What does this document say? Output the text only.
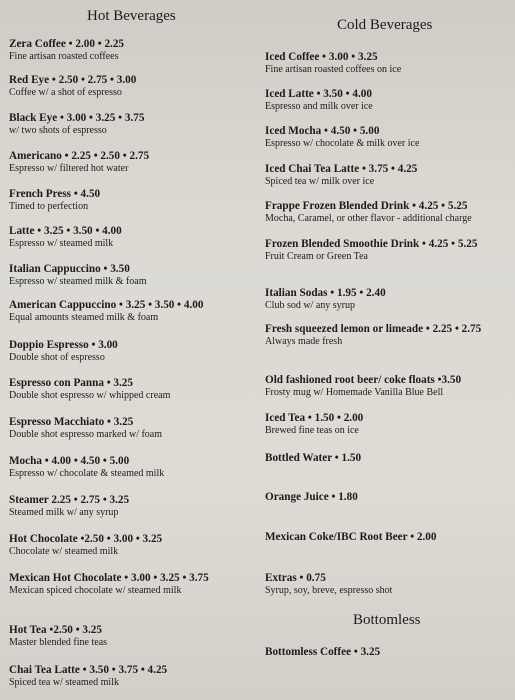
Hot Beverages

Zera Coffee • 2.00 • 2.25

Fine artisan roasted coffees

Red Eye • 2.50 • 2.75 • 3.00

Coffee w/ a shot of espresso

Black Eye • 3.00 • 3.25 • 3.75

w/ two shots of espresso

Americano • 2.25 • 2.50 • 2.75

Espresso w/ filtered hot water

French Press • 4.50

Timed to perfection

Latte • 3.25 • 3.50 • 4.00

Espresso w/ steamed milk

Italian Cappuccino • 3.50

Espresso w/ steamed milk & foam

American Cappuccino • 3.25 • 3.50 • 4.00

Equal amounts steamed milk & foam

Doppio Espresso • 3.00

Double shot of espresso

Espresso con Panna • 3.25

Double shot espresso w/ whipped cream

Espresso Macchiato • 3.25

Double shot espresso marked w/ foam

Mocha • 4.00 • 4.50 • 5.00

Espresso w/ chocolate & steamed milk

Steamer 2.25 • 2.75 • 3.25

Steamed milk w/ any syrup

Hot Chocolate •2.50 • 3.00 • 3.25

Chocolate w/ steamed milk

Mexican Hot Chocolate • 3.00 • 3.25 • 3.75

Mexican spiced chocolate w/ steamed milk

Hot Tea •2.50 • 3.25

Master blended fine teas

Chai Tea Latte • 3.50 • 3.75 • 4.25

Spiced tea w/ steamed milk

Cold Beverages

Iced Coffee • 3.00 • 3.25

Fine artisan roasted coffees on ice

Iced Latte • 3.50 • 4.00

Espresso and milk over ice

Iced Mocha • 4.50 • 5.00

Espresso w/ chocolate & milk over ice

Iced Chai Tea Latte • 3.75 • 4.25

Spiced tea w/ milk over ice

Frappe Frozen Blended Drink • 4.25 • 5.25

Mocha, Caramel, or other flavor - additional charge

Frozen Blended Smoothie Drink • 4.25 • 5.25

Fruit Cream or Green Tea

Italian Sodas • 1.95 • 2.40

Club sod w/ any syrup

Fresh squeezed lemon or limeade • 2.25 • 2.75

Always made fresh

Old fashioned root beer/ coke floats •3.50

Frosty mug w/ Homemade Vanilla Blue Bell

Iced Tea • 1.50 • 2.00

Brewed fine teas on ice

Bottled Water • 1.50

Orange Juice • 1.80

Mexican Coke/IBC Root Beer • 2.00

Extras • 0.75

Syrup, soy, breve, espresso shot

Bottomless

Bottomless Coffee • 3.25
